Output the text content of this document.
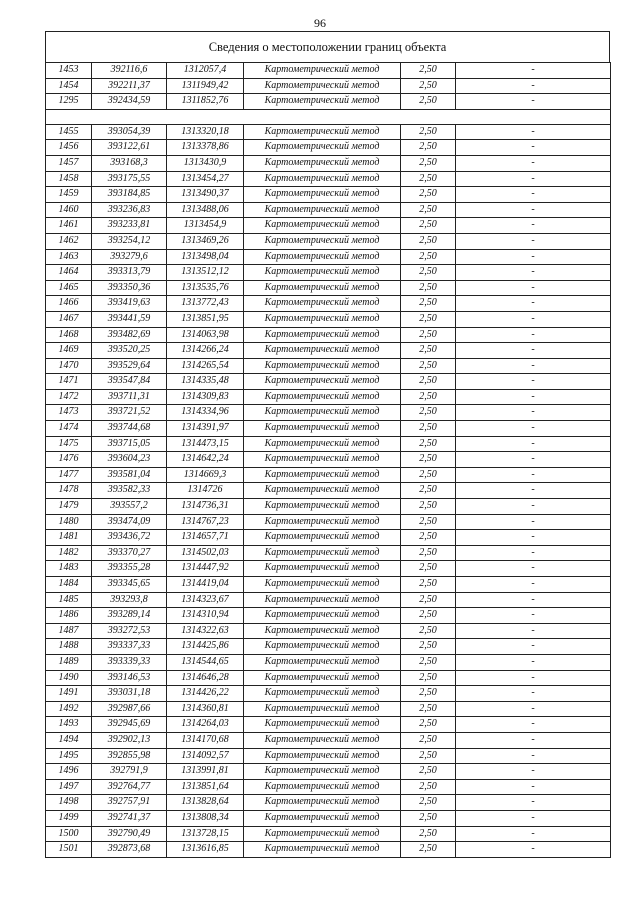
96
Сведения о местоположении границ объекта
1453	392116,6	1312057,4	Картометрический метод	2,50	-
1454	392211,37	1311949,42	Картометрический метод	2,50	-
1295	392434,59	1311852,76	Картометрический метод	2,50	-

1455	393054,39	1313320,18	Картометрический метод	2,50	-
1456	393122,61	1313378,86	Картометрический метод	2,50	-
1457	393168,3	1313430,9	Картометрический метод	2,50	-
1458	393175,55	1313454,27	Картометрический метод	2,50	-
1459	393184,85	1313490,37	Картометрический метод	2,50	-
1460	393236,83	1313488,06	Картометрический метод	2,50	-
1461	393233,81	1313454,9	Картометрический метод	2,50	-
1462	393254,12	1313469,26	Картометрический метод	2,50	-
1463	393279,6	1313498,04	Картометрический метод	2,50	-
1464	393313,79	1313512,12	Картометрический метод	2,50	-
1465	393350,36	1313535,76	Картометрический метод	2,50	-
1466	393419,63	1313772,43	Картометрический метод	2,50	-
1467	393441,59	1313851,95	Картометрический метод	2,50	-
1468	393482,69	1314063,98	Картометрический метод	2,50	-
1469	393520,25	1314266,24	Картометрический метод	2,50	-
1470	393529,64	1314265,54	Картометрический метод	2,50	-
1471	393547,84	1314335,48	Картометрический метод	2,50	-
1472	393711,31	1314309,83	Картометрический метод	2,50	-
1473	393721,52	1314334,96	Картометрический метод	2,50	-
1474	393744,68	1314391,97	Картометрический метод	2,50	-
1475	393715,05	1314473,15	Картометрический метод	2,50	-
1476	393604,23	1314642,24	Картометрический метод	2,50	-
1477	393581,04	1314669,3	Картометрический метод	2,50	-
1478	393582,33	1314726	Картометрический метод	2,50	-
1479	393557,2	1314736,31	Картометрический метод	2,50	-
1480	393474,09	1314767,23	Картометрический метод	2,50	-
1481	393436,72	1314657,71	Картометрический метод	2,50	-
1482	393370,27	1314502,03	Картометрический метод	2,50	-
1483	393355,28	1314447,92	Картометрический метод	2,50	-
1484	393345,65	1314419,04	Картометрический метод	2,50	-
1485	393293,8	1314323,67	Картометрический метод	2,50	-
1486	393289,14	1314310,94	Картометрический метод	2,50	-
1487	393272,53	1314322,63	Картометрический метод	2,50	-
1488	393337,33	1314425,86	Картометрический метод	2,50	-
1489	393339,33	1314544,65	Картометрический метод	2,50	-
1490	393146,53	1314646,28	Картометрический метод	2,50	-
1491	393031,18	1314426,22	Картометрический метод	2,50	-
1492	392987,66	1314360,81	Картометрический метод	2,50	-
1493	392945,69	1314264,03	Картометрический метод	2,50	-
1494	392902,13	1314170,68	Картометрический метод	2,50	-
1495	392855,98	1314092,57	Картометрический метод	2,50	-
1496	392791,9	1313991,81	Картометрический метод	2,50	-
1497	392764,77	1313851,64	Картометрический метод	2,50	-
1498	392757,91	1313828,64	Картометрический метод	2,50	-
1499	392741,37	1313808,34	Картометрический метод	2,50	-
1500	392790,49	1313728,15	Картометрический метод	2,50	-
1501	392873,68	1313616,85	Картометрический метод	2,50	-
